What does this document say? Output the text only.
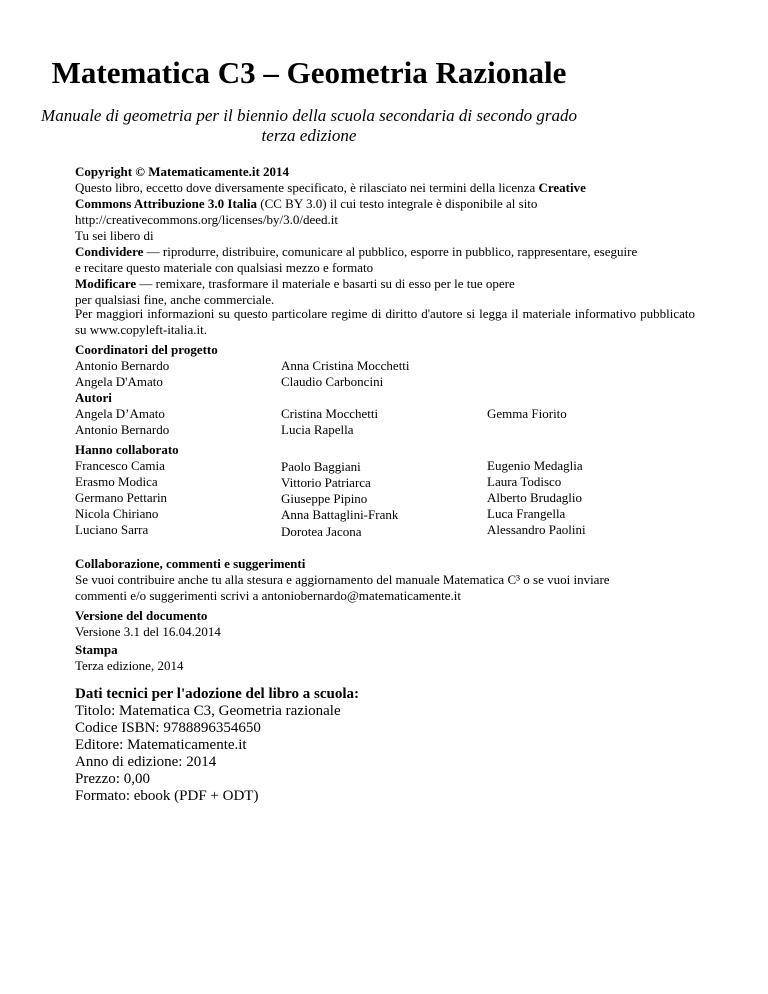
Matematica C3 – Geometria Razionale
Manuale di geometria per il biennio della scuola secondaria di secondo grado
terza edizione
Copyright © Matematicamente.it 2014
Questo libro, eccetto dove diversamente specificato, è rilasciato nei termini della licenza Creative
Commons Attribuzione 3.0 Italia (CC BY 3.0) il cui testo integrale è disponibile al sito
http://creativecommons.org/licenses/by/3.0/deed.it
Tu sei libero di
Condividere — riprodurre, distribuire, comunicare al pubblico, esporre in pubblico, rappresentare, eseguire
e recitare questo materiale con qualsiasi mezzo e formato
Modificare — remixare, trasformare il materiale e basarti su di esso per le tue opere
per qualsiasi fine, anche commerciale.
Per maggiori informazioni su questo particolare regime di diritto d'autore si legga il materiale informativo pubblicato su www.copyleft-italia.it.
Coordinatori del progetto
Antonio Bernardo
Angela D'Amato
Anna Cristina Mocchetti
Claudio Carboncini
Autori
Angela D’Amato
Antonio Bernardo
Cristina Mocchetti
Lucia Rapella
Gemma Fiorito
Hanno collaborato
Francesco Camia
Erasmo Modica
Germano Pettarin
Nicola Chiriano
Luciano Sarra
Paolo Baggiani
Vittorio Patriarca
Giuseppe Pipino
Anna Battaglini-Frank
Dorotea Jacona
Eugenio Medaglia
Laura Todisco
Alberto Brudaglio
Luca Frangella
Alessandro Paolini
Collaborazione, commenti e suggerimenti
Se vuoi contribuire anche tu alla stesura e aggiornamento del manuale Matematica C³ o se vuoi inviare
commenti e/o suggerimenti scrivi a antoniobernardo@matematicamente.it
Versione del documento
Versione 3.1 del 16.04.2014
Stampa
Terza edizione, 2014
Dati tecnici per l'adozione del libro a scuola:
Titolo: Matematica C3, Geometria razionale
Codice ISBN: 9788896354650
Editore: Matematicamente.it
Anno di edizione: 2014
Prezzo: 0,00
Formato: ebook (PDF + ODT)
